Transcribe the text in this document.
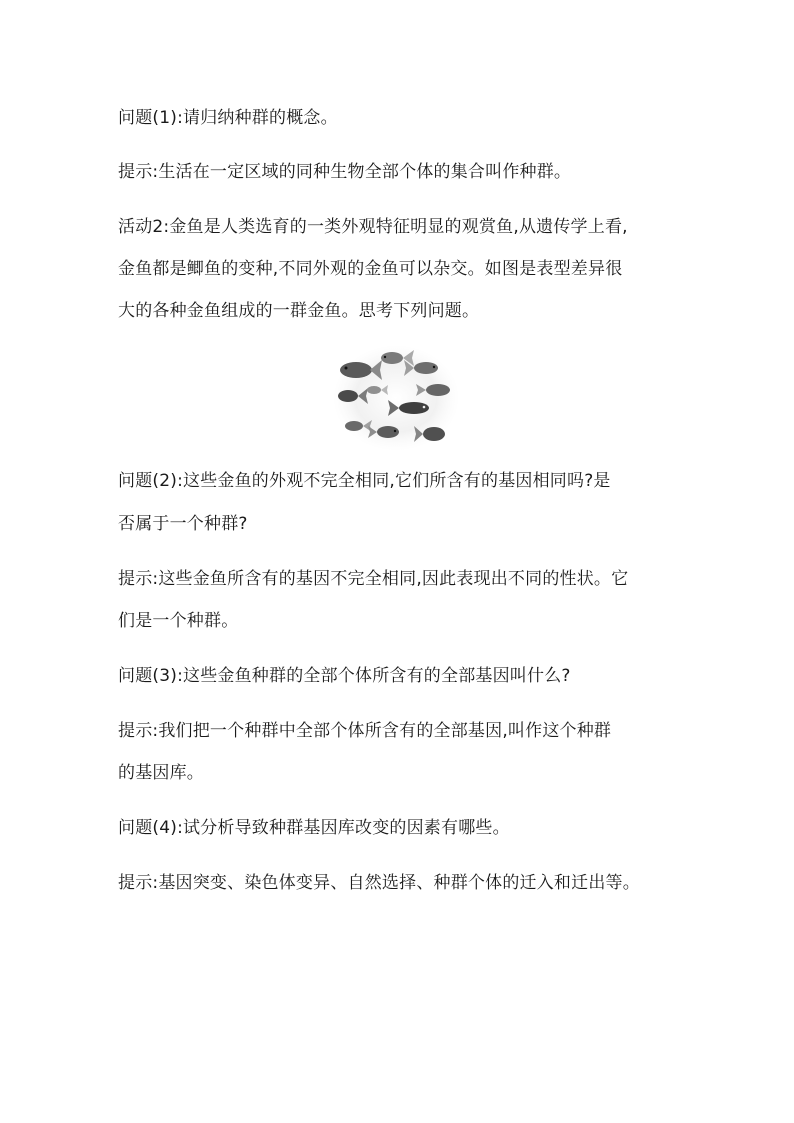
问题(1):请归纳种群的概念。
提示:生活在一定区域的同种生物全部个体的集合叫作种群。
活动2:金鱼是人类选育的一类外观特征明显的观赏鱼,从遗传学上看,
金鱼都是鲫鱼的变种,不同外观的金鱼可以杂交。如图是表型差异很
大的各种金鱼组成的一群金鱼。思考下列问题。
问题(2):这些金鱼的外观不完全相同,它们所含有的基因相同吗?是
否属于一个种群?
提示:这些金鱼所含有的基因不完全相同,因此表现出不同的性状。它
们是一个种群。
问题(3):这些金鱼种群的全部个体所含有的全部基因叫什么?
提示:我们把一个种群中全部个体所含有的全部基因,叫作这个种群
的基因库。
问题(4):试分析导致种群基因库改变的因素有哪些。
提示:基因突变、染色体变异、自然选择、种群个体的迁入和迁出等。
